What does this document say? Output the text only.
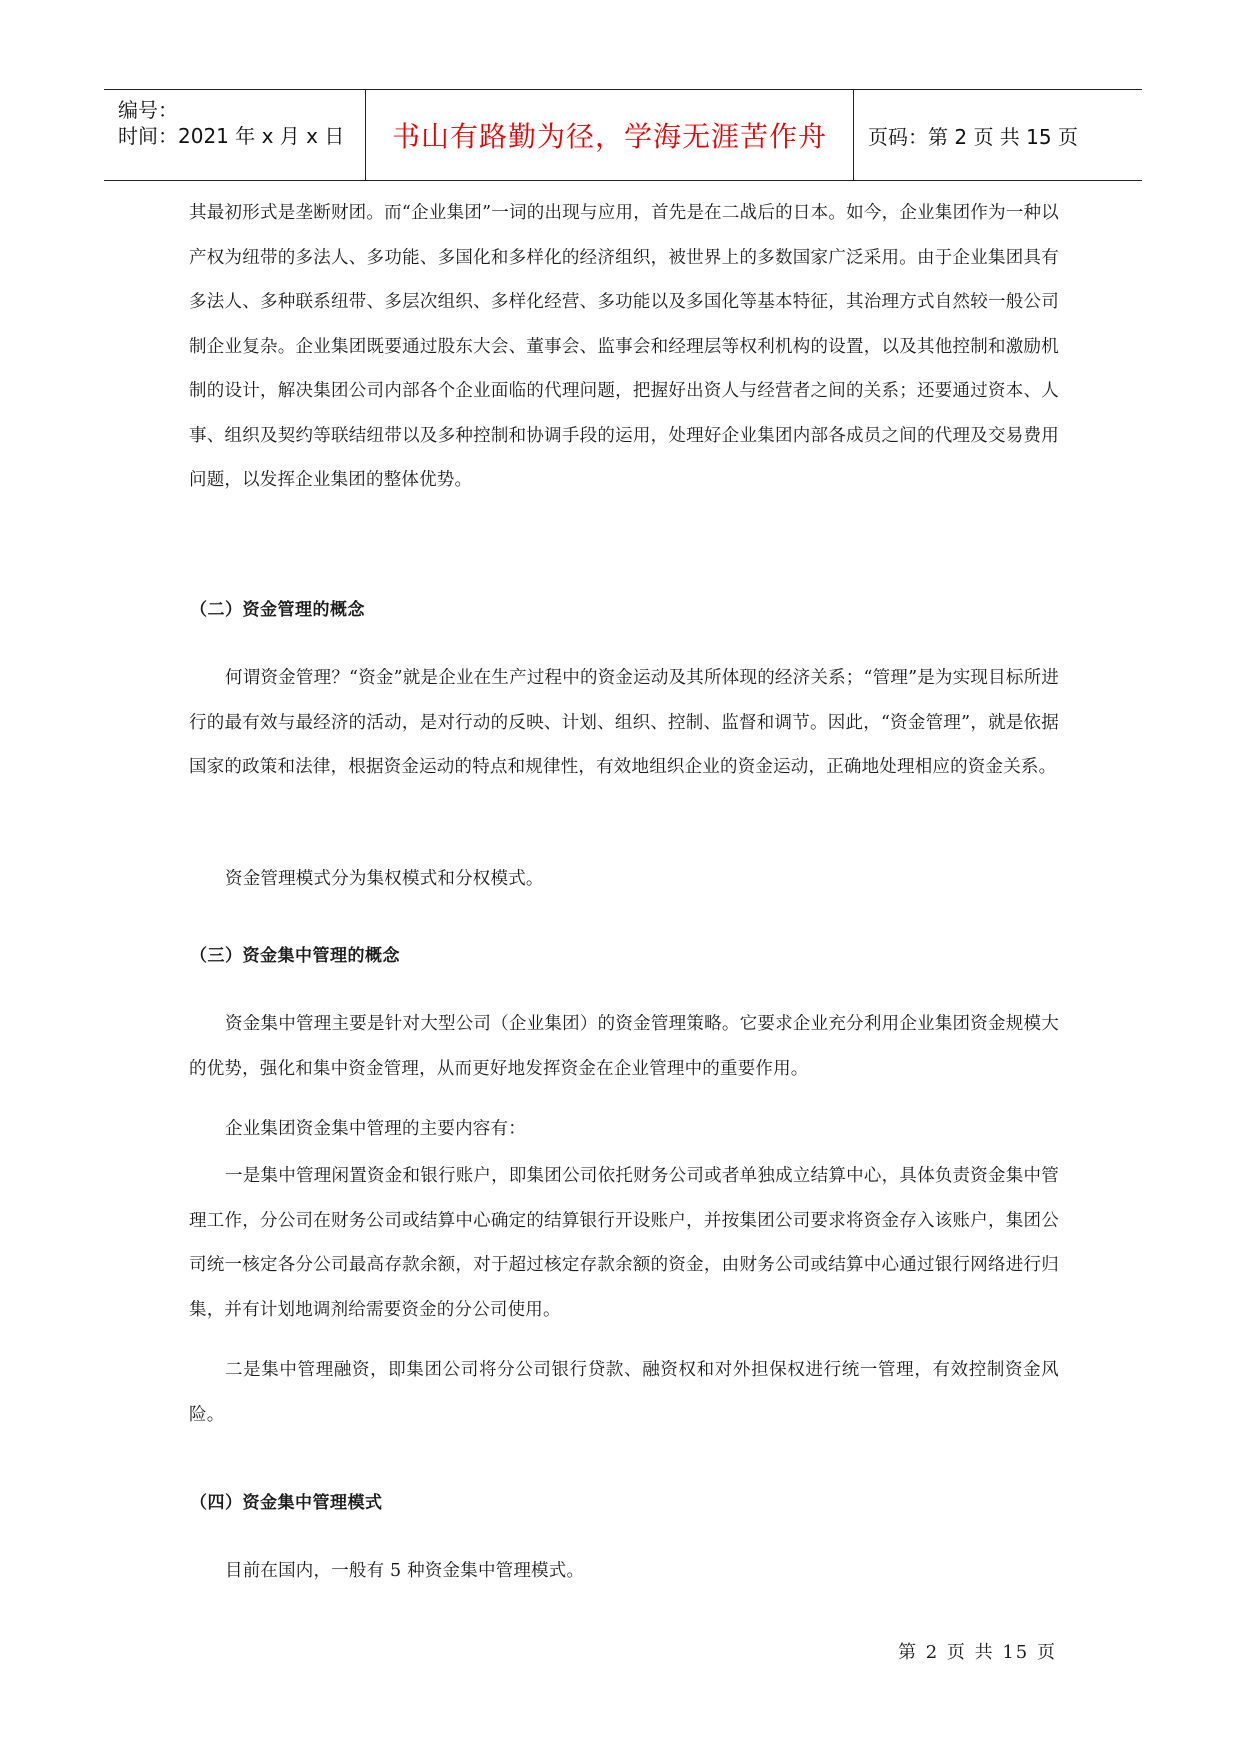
编号：
时间：2021 年 x 月 x 日 书山有路勤为径，学海无涯苦作舟	页码：第 2 页 共 15 页
其最初形式是垄断财团。而“企业集团”一词的出现与应用，首先是在二战后的日本。如今，企业集团作为一种以产权为纽带的多法人、多功能、多国化和多样化的经济组织，被世界上的多数国家广泛采用。由于企业集团具有多法人、多种联系纽带、多层次组织、多样化经营、多功能以及多国化等基本特征，其治理方式自然较一般公司制企业复杂。企业集团既要通过股东大会、董事会、监事会和经理层等权利机构的设置，以及其他控制和激励机制的设计，解决集团公司内部各个企业面临的代理问题，把握好出资人与经营者之间的关系；还要通过资本、人事、组织及契约等联结纽带以及多种控制和协调手段的运用，处理好企业集团内部各成员之间的代理及交易费用问题，以发挥企业集团的整体优势。
（二）资金管理的概念
何谓资金管理？“资金”就是企业在生产过程中的资金运动及其所体现的经济关系；“管理”是为实现目标所进行的最有效与最经济的活动，是对行动的反映、计划、组织、控制、监督和调节。因此，“资金管理”，就是依据国家的政策和法律，根据资金运动的特点和规律性，有效地组织企业的资金运动，正确地处理相应的资金关系。
资金管理模式分为集权模式和分权模式。
（三）资金集中管理的概念
资金集中管理主要是针对大型公司（企业集团）的资金管理策略。它要求企业充分利用企业集团资金规模大的优势，强化和集中资金管理，从而更好地发挥资金在企业管理中的重要作用。
企业集团资金集中管理的主要内容有：
一是集中管理闲置资金和银行账户，即集团公司依托财务公司或者单独成立结算中心，具体负责资金集中管理工作，分公司在财务公司或结算中心确定的结算银行开设账户，并按集团公司要求将资金存入该账户，集团公司统一核定各分公司最高存款余额，对于超过核定存款余额的资金，由财务公司或结算中心通过银行网络进行归集，并有计划地调剂给需要资金的分公司使用。
二是集中管理融资，即集团公司将分公司银行贷款、融资权和对外担保权进行统一管理，有效控制资金风险。
（四）资金集中管理模式
目前在国内，一般有 5 种资金集中管理模式。
第 2 页 共 15 页
